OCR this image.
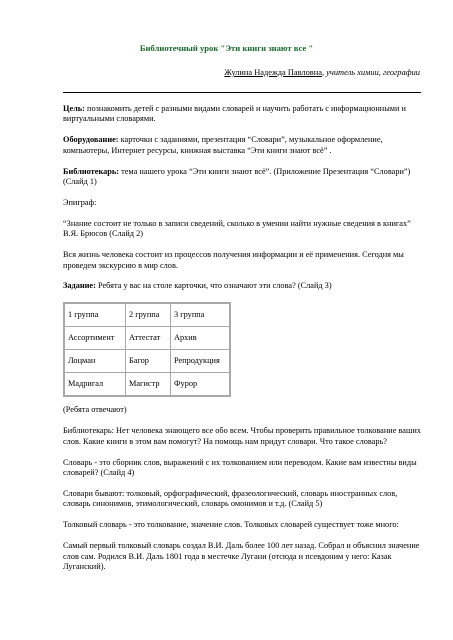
Библиотечный урок "Эти книги знают все "
Жулина Надежда Павловна, учитель химии, географии

Цель: познакомить детей с разными видами словарей и научить работать с информационными и виртуальными словарями.

Оборудование: карточки с заданиями, презентация “Словари”, музыкальное оформление, компьютеры, Интернет ресурсы, книжная выставка “Эти книги знают всё” .

Библиотекарь: тема нашего урока “Эти книги знают всё”. (Приложение Презентация “Словари”) (Слайд 1)

Эпиграф:

“Знание состоит не только в записи сведений, сколько в умении найти нужные сведения в книгах” В.Я. Брюсов (Слайд 2)

Вся жизнь человека состоит из процессов получения информации и её применения. Сегодня мы проведем экскурсию в мир слов.

Задание: Ребята у вас на столе карточки, что означают эти слова? (Слайд 3)

1 группа	2 группа	3 группа
Ассортимент	Аттестат	Архив
Лоцман	Багор	Репродукция
Мадригал	Магистр	Фурор

(Ребята отвечают)

Библиотекарь: Нет человека знающего все обо всем. Чтобы проверить правильное толкование ваших слов. Какие книги в этом вам помогут? На помощь нам придут словари. Что такое словарь?

Словарь - это сборник слов, выражений с их толкованием или переводом. Какие вам известны виды словарей? (Слайд 4)

Словари бывают: толковый, орфографический, фразеологический, словарь иностранных слов, словарь синонимов, этимологический, словарь омонимов и т.д. (Слайд 5)

Толковый словарь - это толкование, значение слов. Толковых словарей существует тоже много:

Самый первый толковый словарь создал В.И. Даль более 100 лет назад. Собрал и объяснил значение слов сам. Родился В.И. Даль 1801 года в местечке Лугани (отсюда и псевдоним у него: Казак Луганский).
